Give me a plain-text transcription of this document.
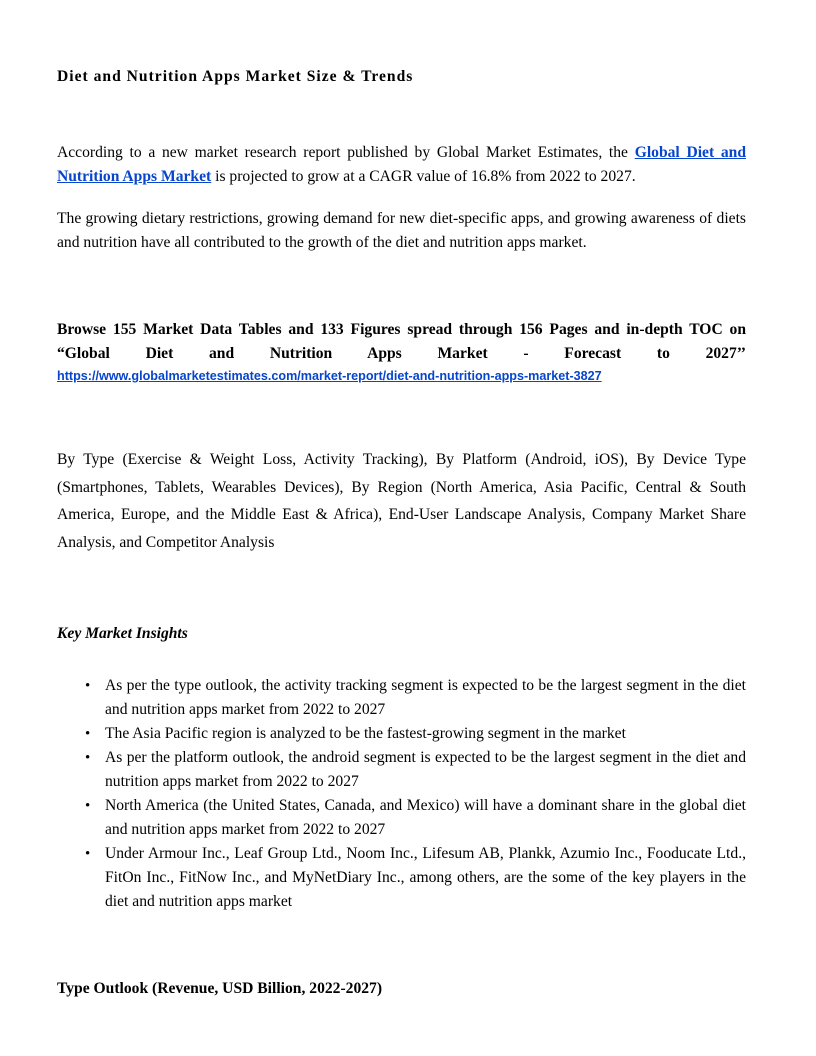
Diet and Nutrition Apps Market Size & Trends
According to a new market research report published by Global Market Estimates, the Global Diet and Nutrition Apps Market is projected to grow at a CAGR value of 16.8% from 2022 to 2027.
The growing dietary restrictions, growing demand for new diet-specific apps, and growing awareness of diets and nutrition have all contributed to the growth of the diet and nutrition apps market.
Browse 155 Market Data Tables and 133 Figures spread through 156 Pages and in-depth TOC on
“Global Diet and Nutrition Apps Market - Forecast to 2027’’
https://www.globalmarketestimates.com/market-report/diet-and-nutrition-apps-market-3827
By Type (Exercise & Weight Loss, Activity Tracking), By Platform (Android, iOS), By Device Type (Smartphones, Tablets, Wearables Devices), By Region (North America, Asia Pacific, Central & South America, Europe, and the Middle East & Africa), End-User Landscape Analysis, Company Market Share Analysis, and Competitor Analysis
Key Market Insights
• As per the type outlook, the activity tracking segment is expected to be the largest segment in the diet and nutrition apps market from 2022 to 2027
• The Asia Pacific region is analyzed to be the fastest-growing segment in the market
• As per the platform outlook, the android segment is expected to be the largest segment in the diet and nutrition apps market from 2022 to 2027
• North America (the United States, Canada, and Mexico) will have a dominant share in the global diet and nutrition apps market from 2022 to 2027
• Under Armour Inc., Leaf Group Ltd., Noom Inc., Lifesum AB, Plankk, Azumio Inc., Fooducate Ltd., FitOn Inc., FitNow Inc., and MyNetDiary Inc., among others, are the some of the key players in the diet and nutrition apps market
Type Outlook (Revenue, USD Billion, 2022-2027)
